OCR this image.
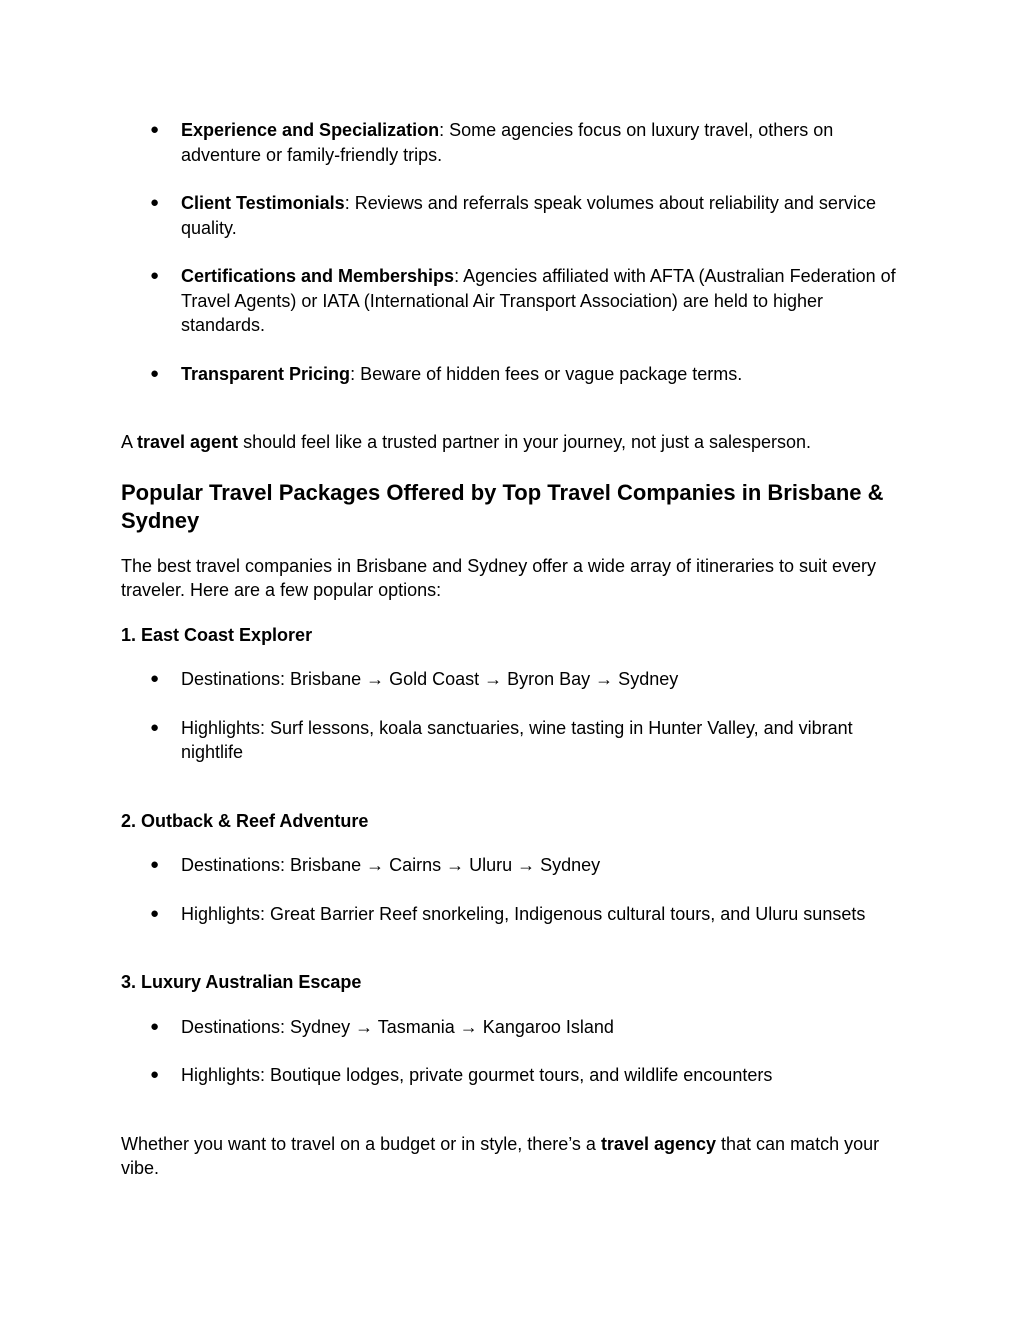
● Experience and Specialization: Some agencies focus on luxury travel, others on adventure or family-friendly trips.
● Client Testimonials: Reviews and referrals speak volumes about reliability and service quality.
● Certifications and Memberships: Agencies affiliated with AFTA (Australian Federation of Travel Agents) or IATA (International Air Transport Association) are held to higher standards.
● Transparent Pricing: Beware of hidden fees or vague package terms.

A travel agent should feel like a trusted partner in your journey, not just a salesperson.

Popular Travel Packages Offered by Top Travel Companies in Brisbane & Sydney

The best travel companies in Brisbane and Sydney offer a wide array of itineraries to suit every traveler. Here are a few popular options:

1. East Coast Explorer
● Destinations: Brisbane → Gold Coast → Byron Bay → Sydney
● Highlights: Surf lessons, koala sanctuaries, wine tasting in Hunter Valley, and vibrant nightlife
2. Outback & Reef Adventure
● Destinations: Brisbane → Cairns → Uluru → Sydney
● Highlights: Great Barrier Reef snorkeling, Indigenous cultural tours, and Uluru sunsets
3. Luxury Australian Escape
● Destinations: Sydney → Tasmania → Kangaroo Island
● Highlights: Boutique lodges, private gourmet tours, and wildlife encounters

Whether you want to travel on a budget or in style, there’s a travel agency that can match your vibe.
